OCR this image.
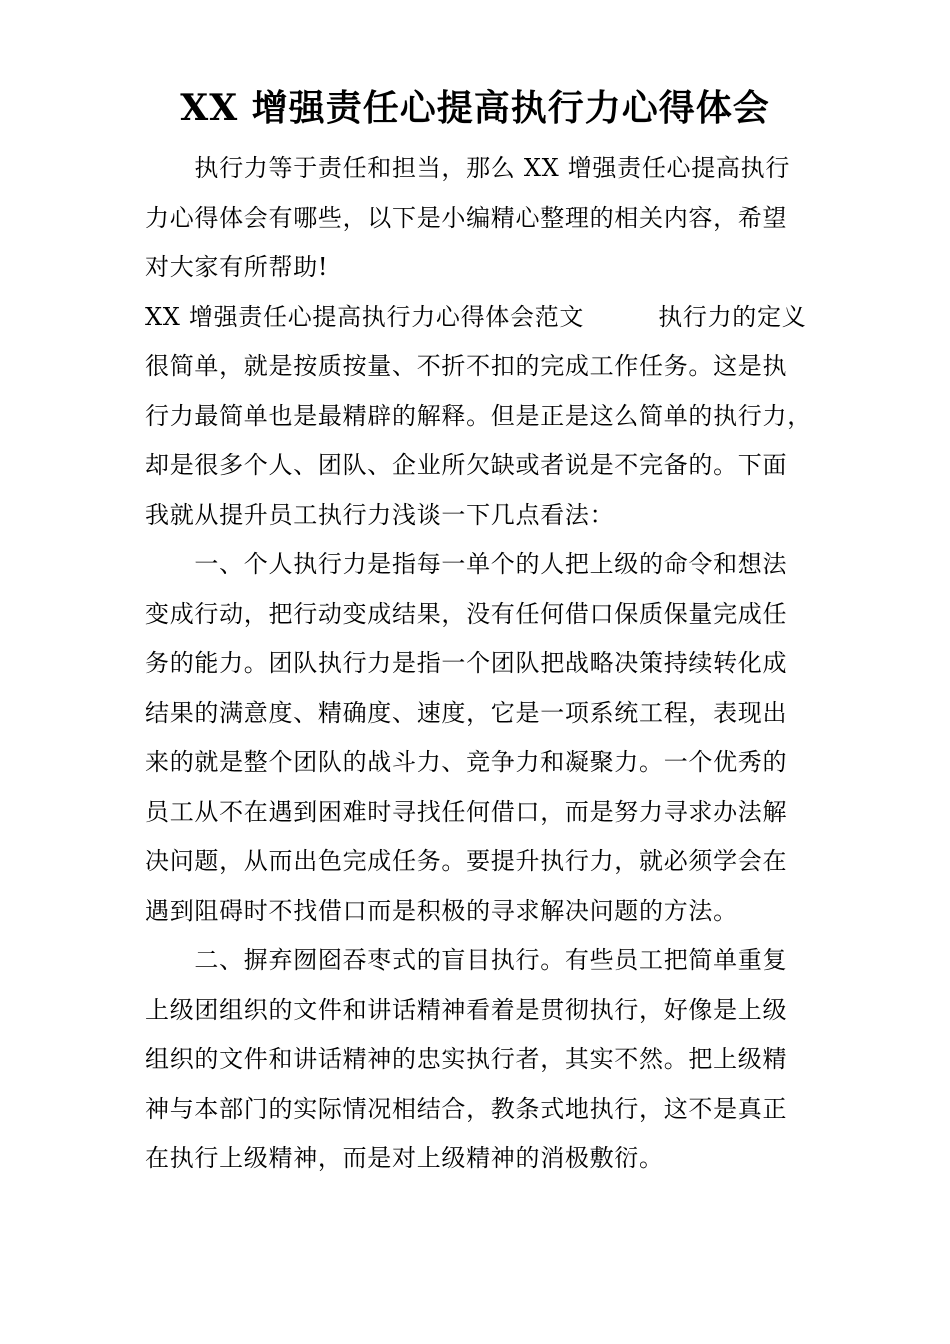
XX 增强责任心提高执行力心得体会
　　执行力等于责任和担当，那么 XX 增强责任心提高执行
力心得体会有哪些，以下是小编精心整理的相关内容，希望
对大家有所帮助!
XX 增强责任心提高执行力心得体会范文　　　执行力的定义
很简单，就是按质按量、不折不扣的完成工作任务。这是执
行力最简单也是最精辟的解释。但是正是这么简单的执行力，
却是很多个人、团队、企业所欠缺或者说是不完备的。下面
我就从提升员工执行力浅谈一下几点看法：
　　一、个人执行力是指每一单个的人把上级的命令和想法
变成行动，把行动变成结果，没有任何借口保质保量完成任
务的能力。团队执行力是指一个团队把战略决策持续转化成
结果的满意度、精确度、速度，它是一项系统工程，表现出
来的就是整个团队的战斗力、竞争力和凝聚力。一个优秀的
员工从不在遇到困难时寻找任何借口，而是努力寻求办法解
决问题，从而出色完成任务。要提升执行力，就必须学会在
遇到阻碍时不找借口而是积极的寻求解决问题的方法。
　　二、摒弃囫囵吞枣式的盲目执行。有些员工把简单重复
上级团组织的文件和讲话精神看着是贯彻执行，好像是上级
组织的文件和讲话精神的忠实执行者，其实不然。把上级精
神与本部门的实际情况相结合，教条式地执行，这不是真正
在执行上级精神，而是对上级精神的消极敷衍。
